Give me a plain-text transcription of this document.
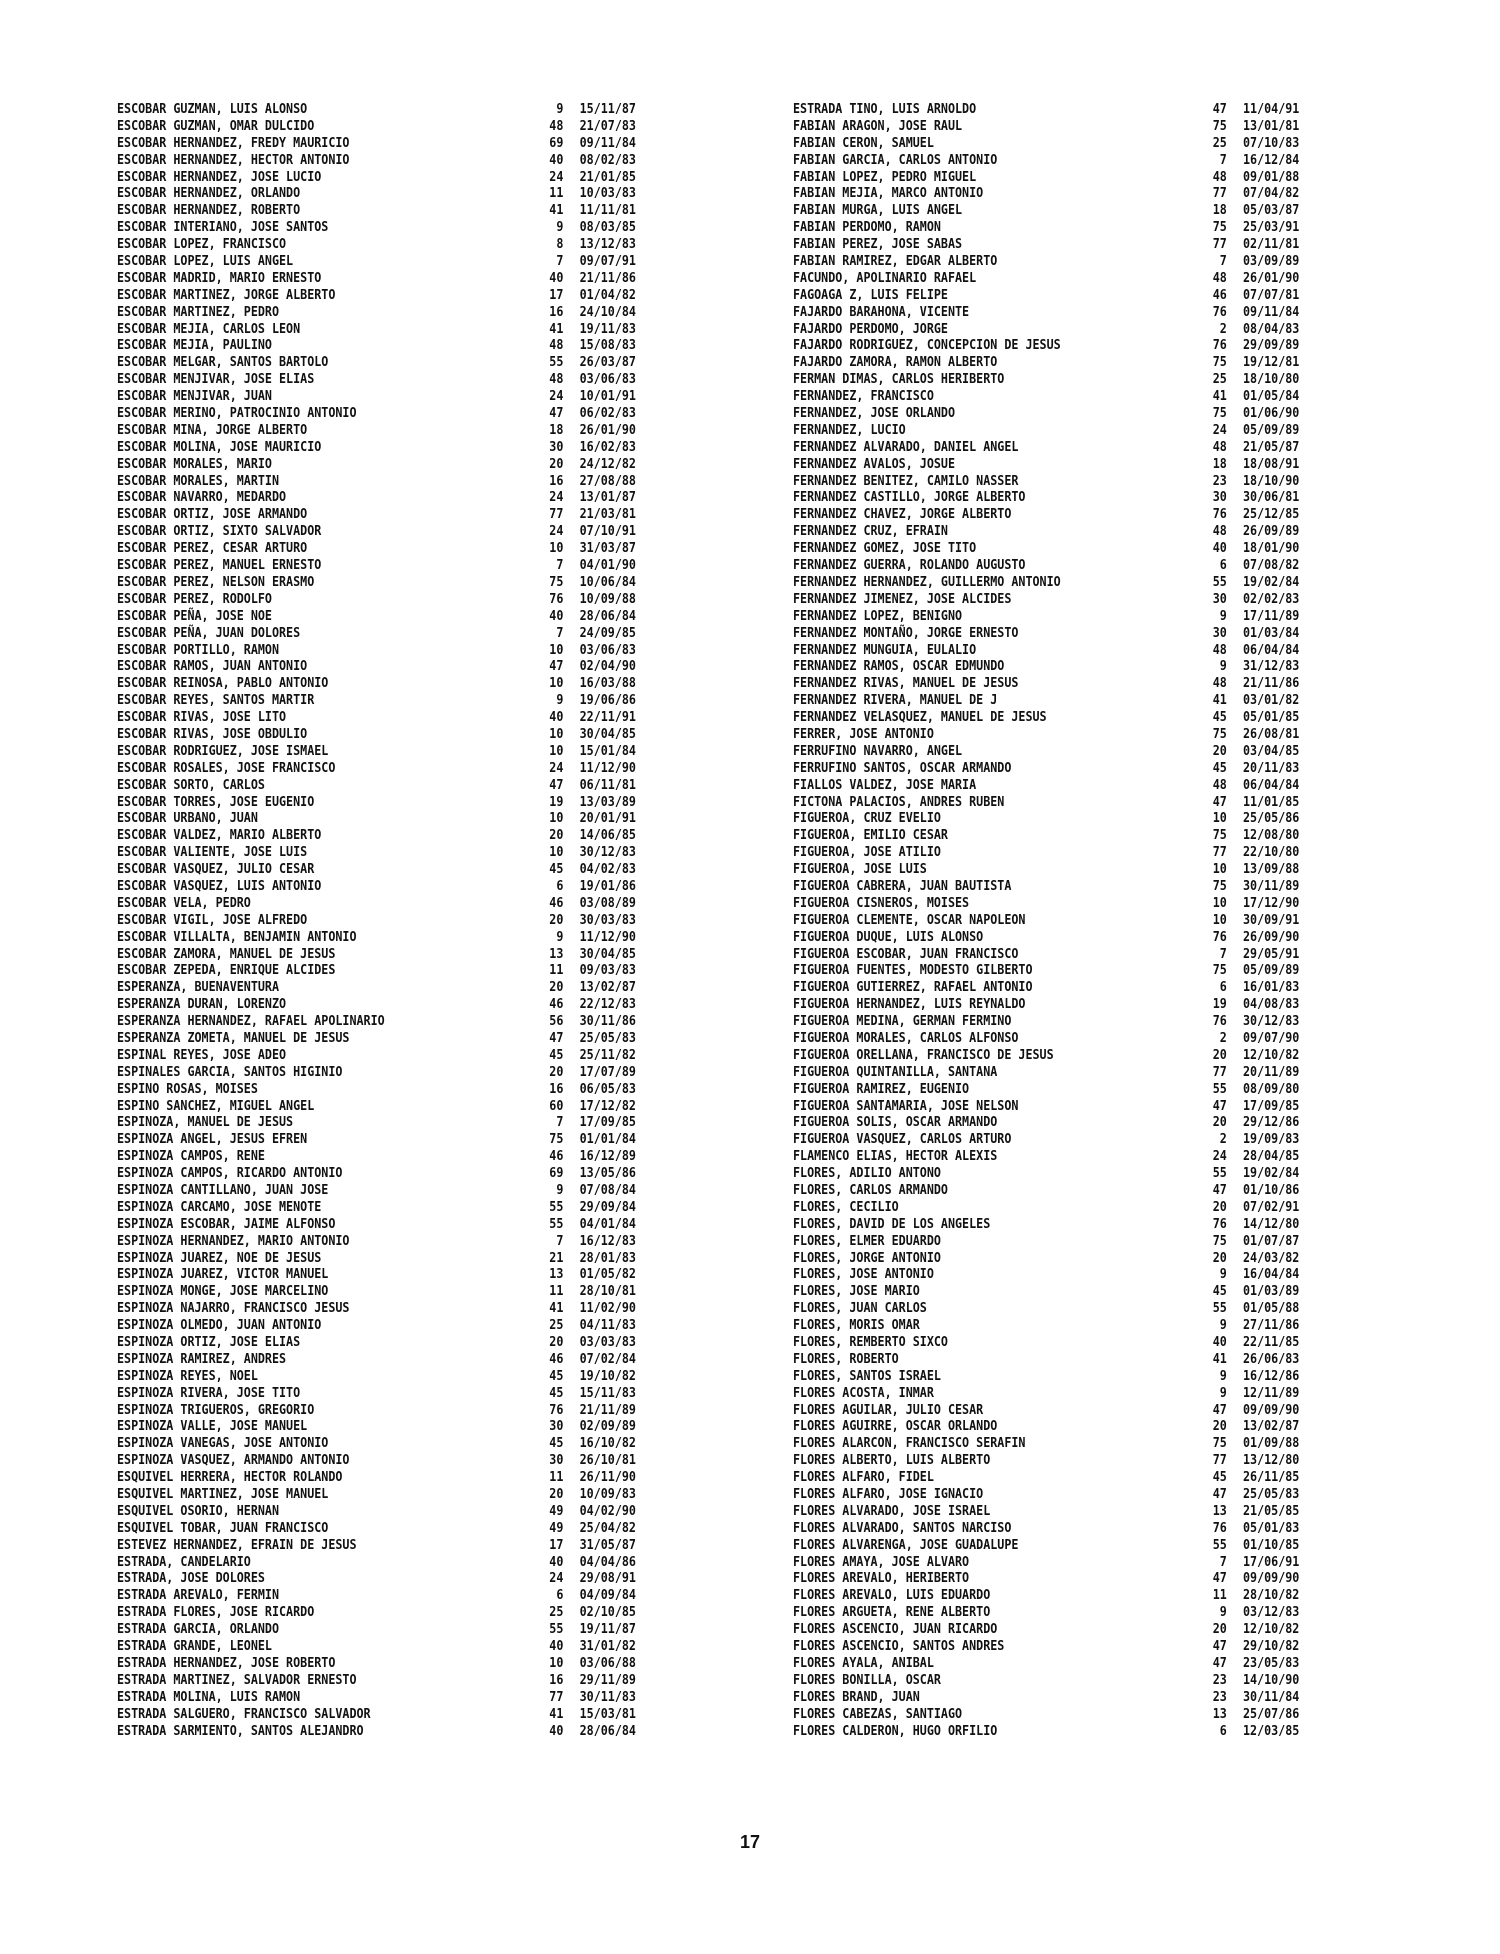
ESCOBAR GUZMAN, LUIS ALONSO	9 15/11/87
ESCOBAR GUZMAN, OMAR DULCIDO	48 21/07/83
ESCOBAR HERNANDEZ, FREDY MAURICIO	69 09/11/84
ESCOBAR HERNANDEZ, HECTOR ANTONIO	40 08/02/83
ESCOBAR HERNANDEZ, JOSE LUCIO	24 21/01/85
ESCOBAR HERNANDEZ, ORLANDO	11 10/03/83
ESCOBAR HERNANDEZ, ROBERTO	41 11/11/81
ESCOBAR INTERIANO, JOSE SANTOS	9 08/03/85
ESCOBAR LOPEZ, FRANCISCO	8 13/12/83
ESCOBAR LOPEZ, LUIS ANGEL	7 09/07/91
ESCOBAR MADRID, MARIO ERNESTO	40 21/11/86
ESCOBAR MARTINEZ, JORGE ALBERTO	17 01/04/82
ESCOBAR MARTINEZ, PEDRO	16 24/10/84
ESCOBAR MEJIA, CARLOS LEON	41 19/11/83
ESCOBAR MEJIA, PAULINO	48 15/08/83
ESCOBAR MELGAR, SANTOS BARTOLO	55 26/03/87
ESCOBAR MENJIVAR, JOSE ELIAS	48 03/06/83
ESCOBAR MENJIVAR, JUAN	24 10/01/91
ESCOBAR MERINO, PATROCINIO ANTONIO	47 06/02/83
ESCOBAR MINA, JORGE ALBERTO	18 26/01/90
ESCOBAR MOLINA, JOSE MAURICIO	30 16/02/83
ESCOBAR MORALES, MARIO	20 24/12/82
ESCOBAR MORALES, MARTIN	16 27/08/88
ESCOBAR NAVARRO, MEDARDO	24 13/01/87
ESCOBAR ORTIZ, JOSE ARMANDO	77 21/03/81
ESCOBAR ORTIZ, SIXTO SALVADOR	24 07/10/91
ESCOBAR PEREZ, CESAR ARTURO	10 31/03/87
ESCOBAR PEREZ, MANUEL ERNESTO	7 04/01/90
ESCOBAR PEREZ, NELSON ERASMO	75 10/06/84
ESCOBAR PEREZ, RODOLFO	76 10/09/88
ESCOBAR PEÑA, JOSE NOE	40 28/06/84
ESCOBAR PEÑA, JUAN DOLORES	7 24/09/85
ESCOBAR PORTILLO, RAMON	10 03/06/83
ESCOBAR RAMOS, JUAN ANTONIO	47 02/04/90
ESCOBAR REINOSA, PABLO ANTONIO	10 16/03/88
ESCOBAR REYES, SANTOS MARTIR	9 19/06/86
ESCOBAR RIVAS, JOSE LITO	40 22/11/91
ESCOBAR RIVAS, JOSE OBDULIO	10 30/04/85
ESCOBAR RODRIGUEZ, JOSE ISMAEL	10 15/01/84
ESCOBAR ROSALES, JOSE FRANCISCO	24 11/12/90
ESCOBAR SORTO, CARLOS	47 06/11/81
ESCOBAR TORRES, JOSE EUGENIO	19 13/03/89
ESCOBAR URBANO, JUAN	10 20/01/91
ESCOBAR VALDEZ, MARIO ALBERTO	20 14/06/85
ESCOBAR VALIENTE, JOSE LUIS	10 30/12/83
ESCOBAR VASQUEZ, JULIO CESAR	45 04/02/83
ESCOBAR VASQUEZ, LUIS ANTONIO	6 19/01/86
ESCOBAR VELA, PEDRO	46 03/08/89
ESCOBAR VIGIL, JOSE ALFREDO	20 30/03/83
ESCOBAR VILLALTA, BENJAMIN ANTONIO	9 11/12/90
ESCOBAR ZAMORA, MANUEL DE JESUS	13 30/04/85
ESCOBAR ZEPEDA, ENRIQUE ALCIDES	11 09/03/83
ESPERANZA, BUENAVENTURA	20 13/02/87
ESPERANZA DURAN, LORENZO	46 22/12/83
ESPERANZA HERNANDEZ, RAFAEL APOLINARIO	56 30/11/86
ESPERANZA ZOMETA, MANUEL DE JESUS	47 25/05/83
ESPINAL REYES, JOSE ADEO	45 25/11/82
ESPINALES GARCIA, SANTOS HIGINIO	20 17/07/89
ESPINO ROSAS, MOISES	16 06/05/83
ESPINO SANCHEZ, MIGUEL ANGEL	60 17/12/82
ESPINOZA, MANUEL DE JESUS	7 17/09/85
ESPINOZA ANGEL, JESUS EFREN	75 01/01/84
ESPINOZA CAMPOS, RENE	46 16/12/89
ESPINOZA CAMPOS, RICARDO ANTONIO	69 13/05/86
ESPINOZA CANTILLANO, JUAN JOSE	9 07/08/84
ESPINOZA CARCAMO, JOSE MENOTE	55 29/09/84
ESPINOZA ESCOBAR, JAIME ALFONSO	55 04/01/84
ESPINOZA HERNANDEZ, MARIO ANTONIO	7 16/12/83
ESPINOZA JUAREZ, NOE DE JESUS	21 28/01/83
ESPINOZA JUAREZ, VICTOR MANUEL	13 01/05/82
ESPINOZA MONGE, JOSE MARCELINO	11 28/10/81
ESPINOZA NAJARRO, FRANCISCO JESUS	41 11/02/90
ESPINOZA OLMEDO, JUAN ANTONIO	25 04/11/83
ESPINOZA ORTIZ, JOSE ELIAS	20 03/03/83
ESPINOZA RAMIREZ, ANDRES	46 07/02/84
ESPINOZA REYES, NOEL	45 19/10/82
ESPINOZA RIVERA, JOSE TITO	45 15/11/83
ESPINOZA TRIGUEROS, GREGORIO	76 21/11/89
ESPINOZA VALLE, JOSE MANUEL	30 02/09/89
ESPINOZA VANEGAS, JOSE ANTONIO	45 16/10/82
ESPINOZA VASQUEZ, ARMANDO ANTONIO	30 26/10/81
ESQUIVEL HERRERA, HECTOR ROLANDO	11 26/11/90
ESQUIVEL MARTINEZ, JOSE MANUEL	20 10/09/83
ESQUIVEL OSORIO, HERNAN	49 04/02/90
ESQUIVEL TOBAR, JUAN FRANCISCO	49 25/04/82
ESTEVEZ HERNANDEZ, EFRAIN DE JESUS	17 31/05/87
ESTRADA, CANDELARIO	40 04/04/86
ESTRADA, JOSE DOLORES	24 29/08/91
ESTRADA AREVALO, FERMIN	6 04/09/84
ESTRADA FLORES, JOSE RICARDO	25 02/10/85
ESTRADA GARCIA, ORLANDO	55 19/11/87
ESTRADA GRANDE, LEONEL	40 31/01/82
ESTRADA HERNANDEZ, JOSE ROBERTO	10 03/06/88
ESTRADA MARTINEZ, SALVADOR ERNESTO	16 29/11/89
ESTRADA MOLINA, LUIS RAMON	77 30/11/83
ESTRADA SALGUERO, FRANCISCO SALVADOR	41 15/03/81
ESTRADA SARMIENTO, SANTOS ALEJANDRO	40 28/06/84
ESTRADA TINO, LUIS ARNOLDO	47 11/04/91
FABIAN ARAGON, JOSE RAUL	75 13/01/81
FABIAN CERON, SAMUEL	25 07/10/83
FABIAN GARCIA, CARLOS ANTONIO	7 16/12/84
FABIAN LOPEZ, PEDRO MIGUEL	48 09/01/88
FABIAN MEJIA, MARCO ANTONIO	77 07/04/82
FABIAN MURGA, LUIS ANGEL	18 05/03/87
FABIAN PERDOMO, RAMON	75 25/03/91
FABIAN PEREZ, JOSE SABAS	77 02/11/81
FABIAN RAMIREZ, EDGAR ALBERTO	7 03/09/89
FACUNDO, APOLINARIO RAFAEL	48 26/01/90
FAGOAGA Z, LUIS FELIPE	46 07/07/81
FAJARDO BARAHONA, VICENTE	76 09/11/84
FAJARDO PERDOMO, JORGE	2 08/04/83
FAJARDO RODRIGUEZ, CONCEPCION DE JESUS	76 29/09/89
FAJARDO ZAMORA, RAMON ALBERTO	75 19/12/81
FERMAN DIMAS, CARLOS HERIBERTO	25 18/10/80
FERNANDEZ, FRANCISCO	41 01/05/84
FERNANDEZ, JOSE ORLANDO	75 01/06/90
FERNANDEZ, LUCIO	24 05/09/89
FERNANDEZ ALVARADO, DANIEL ANGEL	48 21/05/87
FERNANDEZ AVALOS, JOSUE	18 18/08/91
FERNANDEZ BENITEZ, CAMILO NASSER	23 18/10/90
FERNANDEZ CASTILLO, JORGE ALBERTO	30 30/06/81
FERNANDEZ CHAVEZ, JORGE ALBERTO	76 25/12/85
FERNANDEZ CRUZ, EFRAIN	48 26/09/89
FERNANDEZ GOMEZ, JOSE TITO	40 18/01/90
FERNANDEZ GUERRA, ROLANDO AUGUSTO	6 07/08/82
FERNANDEZ HERNANDEZ, GUILLERMO ANTONIO	55 19/02/84
FERNANDEZ JIMENEZ, JOSE ALCIDES	30 02/02/83
FERNANDEZ LOPEZ, BENIGNO	9 17/11/89
FERNANDEZ MONTAÑO, JORGE ERNESTO	30 01/03/84
FERNANDEZ MUNGUIA, EULALIO	48 06/04/84
FERNANDEZ RAMOS, OSCAR EDMUNDO	9 31/12/83
FERNANDEZ RIVAS, MANUEL DE JESUS	48 21/11/86
FERNANDEZ RIVERA, MANUEL DE J	41 03/01/82
FERNANDEZ VELASQUEZ, MANUEL DE JESUS	45 05/01/85
FERRER, JOSE ANTONIO	75 26/08/81
FERRUFINO NAVARRO, ANGEL	20 03/04/85
FERRUFINO SANTOS, OSCAR ARMANDO	45 20/11/83
FIALLOS VALDEZ, JOSE MARIA	48 06/04/84
FICTONA PALACIOS, ANDRES RUBEN	47 11/01/85
FIGUEROA, CRUZ EVELIO	10 25/05/86
FIGUEROA, EMILIO CESAR	75 12/08/80
FIGUEROA, JOSE ATILIO	77 22/10/80
FIGUEROA, JOSE LUIS	10 13/09/88
FIGUEROA CABRERA, JUAN BAUTISTA	75 30/11/89
FIGUEROA CISNEROS, MOISES	10 17/12/90
FIGUEROA CLEMENTE, OSCAR NAPOLEON	10 30/09/91
FIGUEROA DUQUE, LUIS ALONSO	76 26/09/90
FIGUEROA ESCOBAR, JUAN FRANCISCO	7 29/05/91
FIGUEROA FUENTES, MODESTO GILBERTO	75 05/09/89
FIGUEROA GUTIERREZ, RAFAEL ANTONIO	6 16/01/83
FIGUEROA HERNANDEZ, LUIS REYNALDO	19 04/08/83
FIGUEROA MEDINA, GERMAN FERMINO	76 30/12/83
FIGUEROA MORALES, CARLOS ALFONSO	2 09/07/90
FIGUEROA ORELLANA, FRANCISCO DE JESUS	20 12/10/82
FIGUEROA QUINTANILLA, SANTANA	77 20/11/89
FIGUEROA RAMIREZ, EUGENIO	55 08/09/80
FIGUEROA SANTAMARIA, JOSE NELSON	47 17/09/85
FIGUEROA SOLIS, OSCAR ARMANDO	20 29/12/86
FIGUEROA VASQUEZ, CARLOS ARTURO	2 19/09/83
FLAMENCO ELIAS, HECTOR ALEXIS	24 28/04/85
FLORES, ADILIO ANTONO	55 19/02/84
FLORES, CARLOS ARMANDO	47 01/10/86
FLORES, CECILIO	20 07/02/91
FLORES, DAVID DE LOS ANGELES	76 14/12/80
FLORES, ELMER EDUARDO	75 01/07/87
FLORES, JORGE ANTONIO	20 24/03/82
FLORES, JOSE ANTONIO	9 16/04/84
FLORES, JOSE MARIO	45 01/03/89
FLORES, JUAN CARLOS	55 01/05/88
FLORES, MORIS OMAR	9 27/11/86
FLORES, REMBERTO SIXCO	40 22/11/85
FLORES, ROBERTO	41 26/06/83
FLORES, SANTOS ISRAEL	9 16/12/86
FLORES ACOSTA, INMAR	9 12/11/89
FLORES AGUILAR, JULIO CESAR	47 09/09/90
FLORES AGUIRRE, OSCAR ORLANDO	20 13/02/87
FLORES ALARCON, FRANCISCO SERAFIN	75 01/09/88
FLORES ALBERTO, LUIS ALBERTO	77 13/12/80
FLORES ALFARO, FIDEL	45 26/11/85
FLORES ALFARO, JOSE IGNACIO	47 25/05/83
FLORES ALVARADO, JOSE ISRAEL	13 21/05/85
FLORES ALVARADO, SANTOS NARCISO	76 05/01/83
FLORES ALVARENGA, JOSE GUADALUPE	55 01/10/85
FLORES AMAYA, JOSE ALVARO	7 17/06/91
FLORES AREVALO, HERIBERTO	47 09/09/90
FLORES AREVALO, LUIS EDUARDO	11 28/10/82
FLORES ARGUETA, RENE ALBERTO	9 03/12/83
FLORES ASCENCIO, JUAN RICARDO	20 12/10/82
FLORES ASCENCIO, SANTOS ANDRES	47 29/10/82
FLORES AYALA, ANIBAL	47 23/05/83
FLORES BONILLA, OSCAR	23 14/10/90
FLORES BRAND, JUAN	23 30/11/84
FLORES CABEZAS, SANTIAGO	13 25/07/86
FLORES CALDERON, HUGO ORFILIO	6 12/03/85
17
